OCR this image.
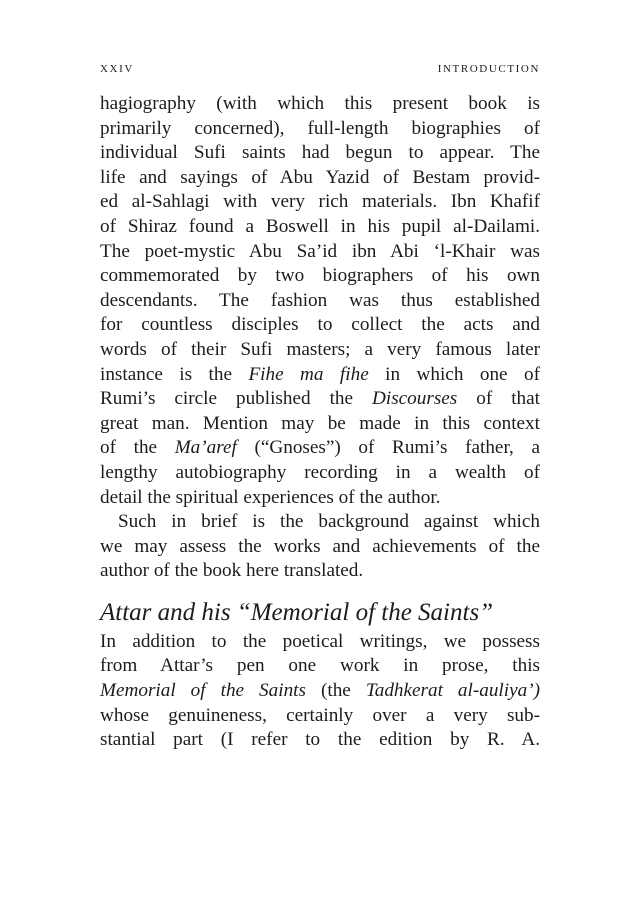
xxiv	introduction
hagiography (with which this present book is
primarily concerned), full-length biographies of
individual Sufi saints had begun to appear. The
life and sayings of Abu Yazid of Bestam provid-
ed al-Sahlagi with very rich materials. Ibn Khafif
of Shiraz found a Boswell in his pupil al-Dailami.
The poet-mystic Abu Sa’id ibn Abi ‘l-Khair was
commemorated by two biographers of his own
descendants. The fashion was thus established
for countless disciples to collect the acts and
words of their Sufi masters; a very famous later
instance is the Fihe ma fihe in which one of
Rumi’s circle published the Discourses of that
great man. Mention may be made in this context
of the Ma’aref (“Gnoses”) of Rumi’s father, a
lengthy autobiography recording in a wealth of
detail the spiritual experiences of the author.
Such in brief is the background against which
we may assess the works and achievements of the
author of the book here translated.
Attar and his “Memorial of the Saints”
In addition to the poetical writings, we possess
from Attar’s pen one work in prose, this
Memorial of the Saints (the Tadhkerat al-auliya’)
whose genuineness, certainly over a very sub-
stantial part (I refer to the edition by R. A.
